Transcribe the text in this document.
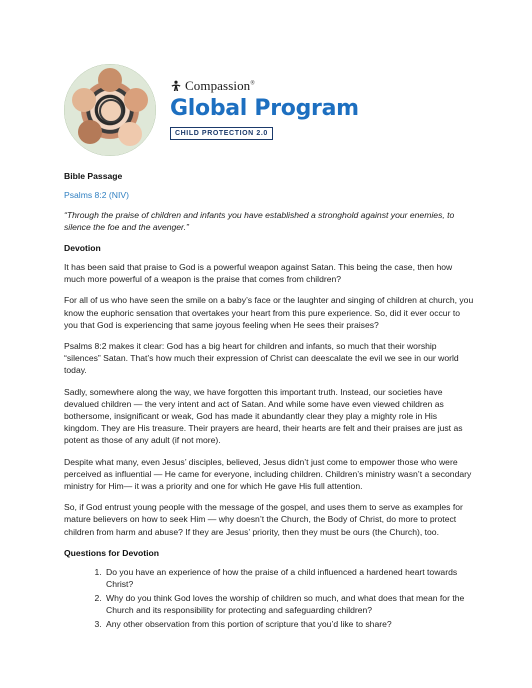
Compassion®
Global Program
CHILD PROTECTION 2.0
Bible Passage
Psalms 8:2 (NIV)
“Through the praise of children and infants you have established a stronghold against your enemies, to silence the foe and the avenger.”
Devotion

It has been said that praise to God is a powerful weapon against Satan. This being the case, then how much more powerful of a weapon is the praise that comes from children?

For all of us who have seen the smile on a baby’s face or the laughter and singing of children at church, you know the euphoric sensation that overtakes your heart from this pure experience. So, did it ever occur to you that God is experiencing that same joyous feeling when He sees their praises?

Psalms 8:2 makes it clear: God has a big heart for children and infants, so much that their worship “silences” Satan. That’s how much their expression of Christ can deescalate the evil we see in our world today.

Sadly, somewhere along the way, we have forgotten this important truth. Instead, our societies have devalued children — the very intent and act of Satan. And while some have even viewed children as bothersome, insignificant or weak, God has made it abundantly clear they play a mighty role in His kingdom. They are His treasure. Their prayers are heard, their hearts are felt and their praises are just as potent as those of any adult (if not more).

Despite what many, even Jesus’ disciples, believed, Jesus didn’t just come to empower those who were perceived as influential — He came for everyone, including children. Children’s ministry wasn’t a secondary ministry for Him— it was a priority and one for which He gave His full attention.

So, if God entrust young people with the message of the gospel, and uses them to serve as examples for mature believers on how to seek Him — why doesn’t the Church, the Body of Christ, do more to protect children from harm and abuse? If they are Jesus’ priority, then they must be ours (the Church), too.

Questions for Devotion
1. Do you have an experience of how the praise of a child influenced a hardened heart towards Christ?
2. Why do you think God loves the worship of children so much, and what does that mean for the Church and its responsibility for protecting and safeguarding children?
3. Any other observation from this portion of scripture that you’d like to share?
